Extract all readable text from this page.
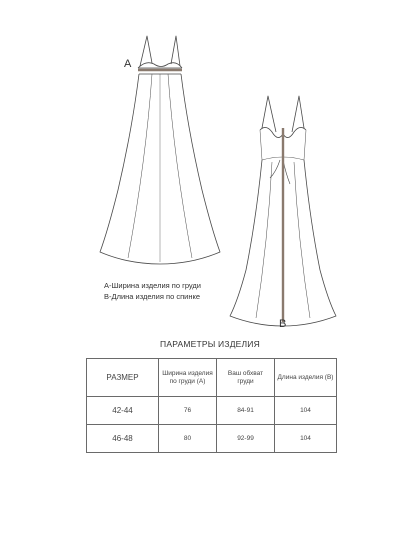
A
B
A-Ширина изделия по груди
B-Длина изделия по спинке
ПАРАМЕТРЫ ИЗДЕЛИЯ
РАЗМЕР	Ширина изделия по груди (A)	Ваш обхват груди	Длина изделия (B)
42-44	76	84-91	104
46-48	80	92-99	104
